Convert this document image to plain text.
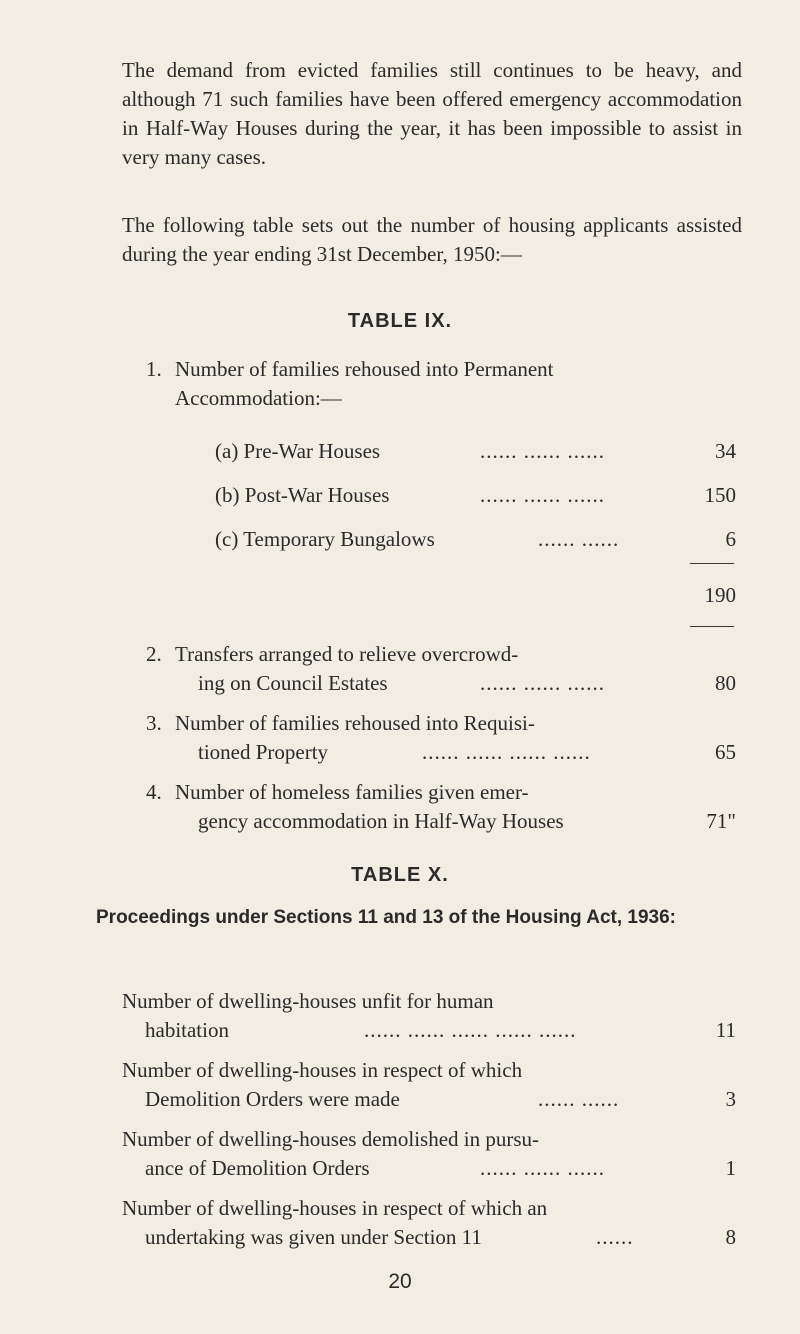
The demand from evicted families still continues to be heavy, and although 71 such families have been offered emergency accommodation in Half-Way Houses during the year, it has been impossible to assist in very many cases.

The following table sets out the number of housing applicants assisted during the year ending 31st December, 1950:—

TABLE IX.
1. Number of families rehoused into Permanent
Accommodation:—
(a) Pre-War Houses	...... ...... ......	34
(b) Post-War Houses	...... ...... ......	150
(c) Temporary Bungalows	...... ......	6
190
2. Transfers arranged to relieve overcrowd-
ing on Council Estates	...... ...... ......	80
3. Number of families rehoused into Requisi-
tioned Property	...... ...... ...... ......	65
4. Number of homeless families given emer-
gency accommodation in Half-Way Houses	71"
TABLE X.
Proceedings under Sections 11 and 13 of the Housing Act, 1936:
Number of dwelling-houses unfit for human
habitation	...... ...... ...... ...... ......	11
Number of dwelling-houses in respect of which
Demolition Orders were made	...... ......	3
Number of dwelling-houses demolished in pursu-
ance of Demolition Orders	...... ...... ......	1
Number of dwelling-houses in respect of which an
undertaking was given under Section 11	......	8
20
